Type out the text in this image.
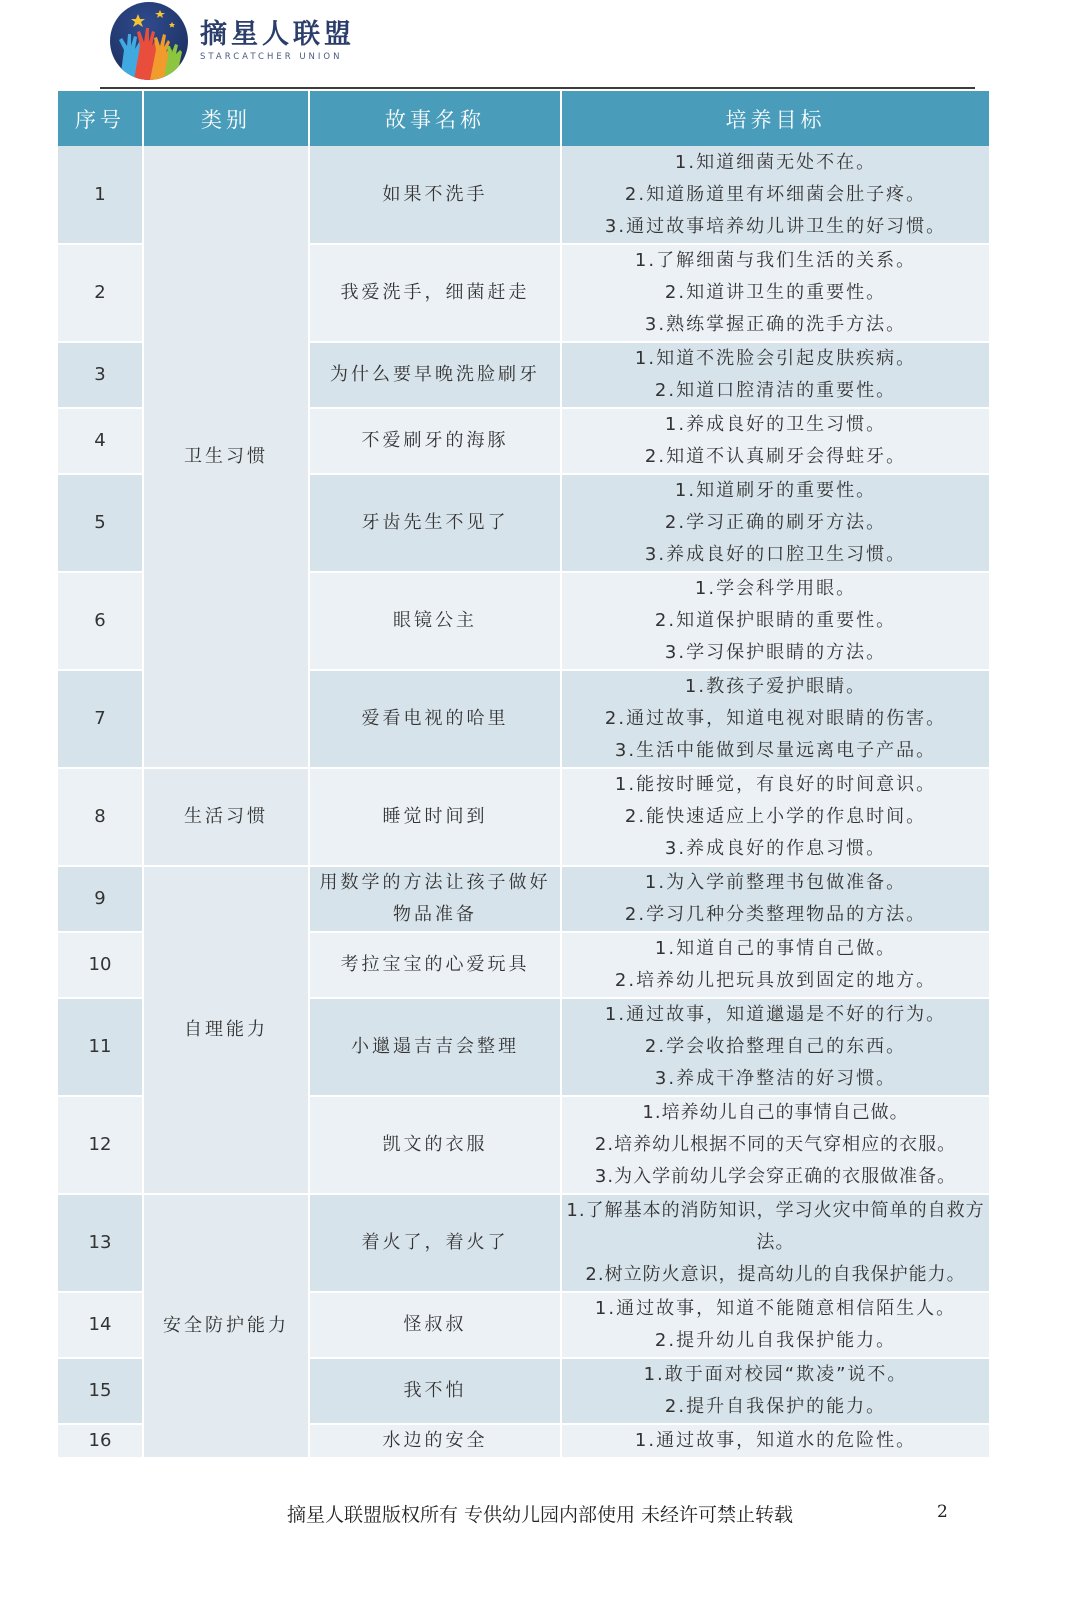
摘星人联盟
STARCATCHER UNION
序号	类别	故事名称	培养目标
1	卫生习惯	如果不洗手	1.知道细菌无处不在。
2.知道肠道里有坏细菌会肚子疼。
3.通过故事培养幼儿讲卫生的好习惯。

2		我爱洗手，细菌赶走	1.了解细菌与我们生活的关系。
2.知道讲卫生的重要性。
3.熟练掌握正确的洗手方法。

3		为什么要早晚洗脸刷牙	1.知道不洗脸会引起皮肤疾病。
2.知道口腔清洁的重要性。

4		不爱刷牙的海豚	1.养成良好的卫生习惯。
2.知道不认真刷牙会得蛀牙。

5		牙齿先生不见了	1.知道刷牙的重要性。
2.学习正确的刷牙方法。
3.养成良好的口腔卫生习惯。

6		眼镜公主	1.学会科学用眼。
2.知道保护眼睛的重要性。
3.学习保护眼睛的方法。

7		爱看电视的哈里	1.教孩子爱护眼睛。
2.通过故事，知道电视对眼睛的伤害。
3.生活中能做到尽量远离电子产品。

8	生活习惯	睡觉时间到	1.能按时睡觉，有良好的时间意识。
2.能快速适应上小学的作息时间。
3.养成良好的作息习惯。

9	自理能力	用数学的方法让孩子做好物品准备	1.为入学前整理书包做准备。
2.学习几种分类整理物品的方法。

10		考拉宝宝的心爱玩具	1.知道自己的事情自己做。
2.培养幼儿把玩具放到固定的地方。

11		小邋遢吉吉会整理	1.通过故事，知道邋遢是不好的行为。
2.学会收拾整理自己的东西。
3.养成干净整洁的好习惯。

12		凯文的衣服	1.培养幼儿自己的事情自己做。
2.培养幼儿根据不同的天气穿相应的衣服。
3.为入学前幼儿学会穿正确的衣服做准备。

13	安全防护能力	着火了，着火了	1.了解基本的消防知识，学习火灾中简单的自救方法。
2.树立防火意识，提高幼儿的自我保护能力。

14		怪叔叔	1.通过故事，知道不能随意相信陌生人。
2.提升幼儿自我保护能力。

15		我不怕	1.敢于面对校园“欺凌”说不。
2.提升自我保护的能力。

16		水边的安全	1.通过故事，知道水的危险性。
摘星人联盟版权所有 专供幼儿园内部使用 未经许可禁止转载	2
